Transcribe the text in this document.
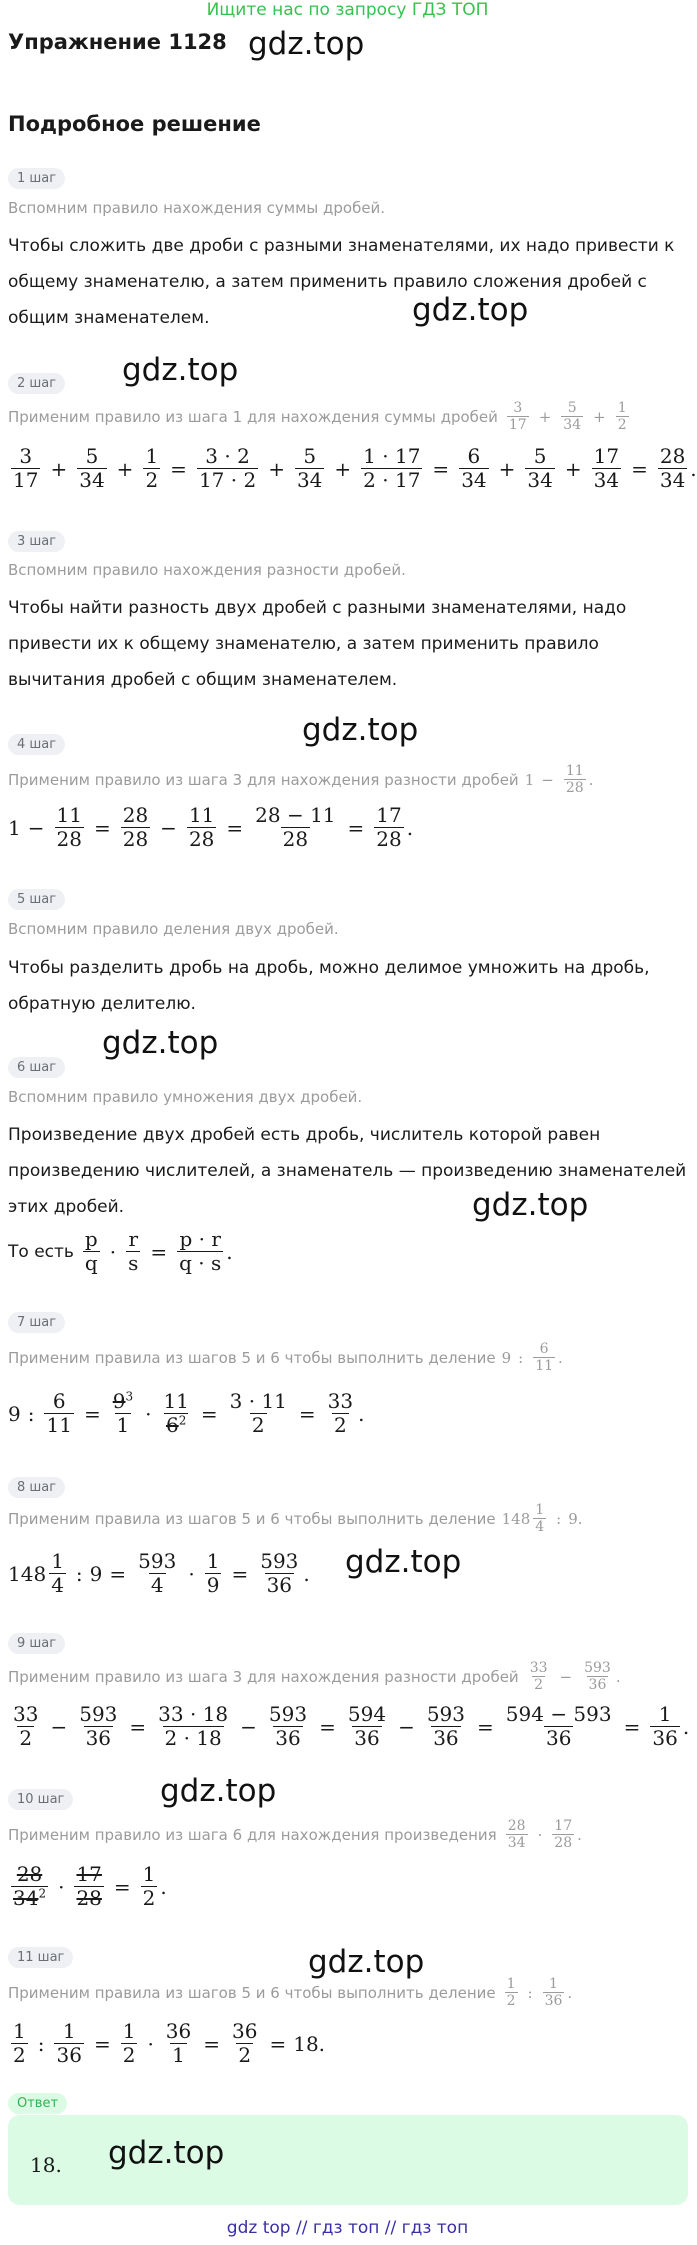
Ищите нас по запросу ГДЗ ТОП
Упражнение 1128 gdz.top
Подробное решение
1 шаг
Вспомним правило нахождения суммы дробей.
Чтобы сложить две дроби с разными знаменателями, их надо привести к общему знаменателю, а затем применить правило сложения дробей с общим знаменателем.	gdz.top
gdz.top
2 шаг
Применим правило из шага 1 для нахождения суммы дробей $\frac{3}{17} + \frac{5}{34} + \frac{1}{2}$
$\frac{3}{17} + \frac{5}{34} + \frac{1}{2} = \frac{3 \cdot 2}{17 \cdot 2} + \frac{5}{34} + \frac{1 \cdot 17}{2 \cdot 17} = \frac{6}{34} + \frac{5}{34} + \frac{17}{34} = \frac{28}{34}$ .
3 шаг
Вспомним правило нахождения разности дробей.
Чтобы найти разность двух дробей с разными знаменателями, надо привести их к общему знаменателю, а затем применить правило вычитания дробей с общим знаменателем.
gdz.top
4 шаг
Применим правило из шага 3 для нахождения разности дробей $1 - \frac{11}{28}$ .
$1 - \frac{11}{28} = \frac{28}{28} - \frac{11}{28} = \frac{28 - 11}{28} = \frac{17}{28}$ .
5 шаг
Вспомним правило деления двух дробей.
Чтобы разделить дробь на дробь, можно делимое умножить на дробь, обратную делителю.
gdz.top
6 шаг
Вспомним правило умножения двух дробей.
Произведение двух дробей есть дробь, числитель которой равен произведению числителей, а знаменатель — произведению знаменателей этих дробей.	gdz.top
То есть $\frac{p}{q} \cdot \frac{r}{s} = \frac{p \cdot r}{q \cdot s}$ .
7 шаг
Применим правила из шагов 5 и 6 чтобы выполнить деление 9 : $\frac{6}{11}$ .
9 : $\frac{6}{11} = \frac{9^3}{1} \cdot \frac{11}{6^2} = \frac{3 \cdot 11}{2} = \frac{33}{2}$ .
8 шаг
Применим правила из шагов 5 и 6 чтобы выполнить деление $148 \frac{1}{4}$ : 9.
gdz.top
$148 \frac{1}{4}$ : $9 = \frac{593}{4} \cdot \frac{1}{9} = \frac{593}{36}$ .
9 шаг
Применим правило из шага 3 для нахождения разности дробей $\frac{33}{2} - \frac{593}{36}$ .
$\frac{33}{2} - \frac{593}{36} = \frac{33 \cdot 18}{2 \cdot 18} - \frac{593}{36} = \frac{594}{36} - \frac{593}{36} = \frac{594 - 593}{36} = \frac{1}{36}$ .
10 шаг	gdz.top
Применим правило из шага 6 для нахождения произведения $\frac{28}{34} \cdot \frac{17}{28}$ .
$\frac{28}{34^2} \cdot \frac{17}{28} = \frac{1}{2}$ .
gdz.top
11 шаг
Применим правила из шагов 5 и 6 чтобы выполнить деление $\frac{1}{2}$ : $\frac{1}{36}$ .
$\frac{1}{2}$ : $\frac{1}{36} = \frac{1}{2} \cdot \frac{36}{1} = \frac{36}{2} = 18$.
Ответ
18. gdz.top
gdz top // гдз топ // гдз топ
